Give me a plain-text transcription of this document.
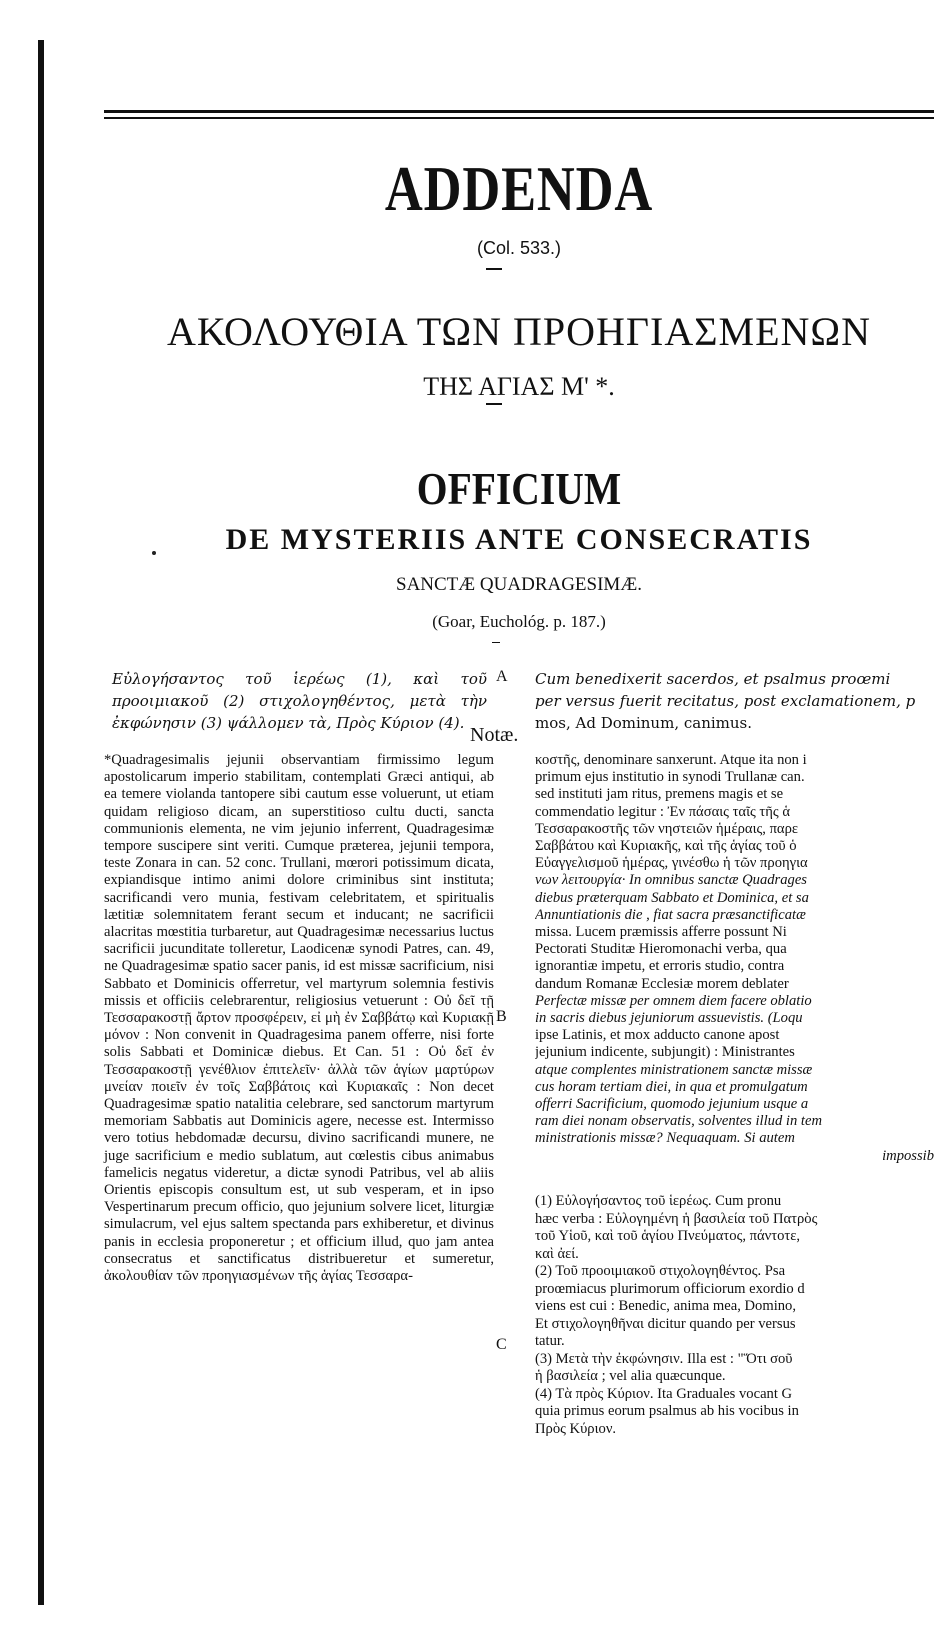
ADDENDA
(Col. 533.)
ΑΚΟΛΟΥΘΙΑ ΤΩΝ ΠΡΟΗΓΙΑΣΜΕΝΩΝ
ΤΗΣ ΑΓΙΑΣ Μ' *.
OFFICIUM
DE MYSTERIIS ANTE CONSECRATIS
SANCTÆ QUADRAGESIMÆ.
(Goar, Euchológ. p. 187.)
Εὐλογήσαντος τοῦ ἱερέως (1), καὶ τοῦ προοιμιακοῦ (2) στιχολογηθέντος, μετὰ τὴν ἐκφώνησιν (3) ψάλλομεν τὰ, Πρὸς Κύριον (4).
A Cum benedixerit sacerdos, et psalmus proœmi
per versus fuerit recitatus, post exclamationem, p
mos, Ad Dominum, canimus.
Notæ.
*Quadragesimalis jejunii observantiam firmissimo legum apostolicarum imperio stabilitam, contemplati Græci antiqui, ab ea temere violanda tantopere sibi cautum esse voluerunt, ut etiam quidam religioso dicam, an superstitioso cultu ducti, sancta communionis elementa, ne vim jejunio inferrent, Quadragesimæ tempore suscipere sint veriti. Cumque præterea, jejunii tempora, teste Zonara in can. 52 conc. Trullani, mœrori potissimum dicata, expiandisque intimo animi dolore criminibus sint instituta; sacrificandi vero munia, festivam celebritatem, et spiritualis lætitiæ solemnitatem ferant secum et inducant; ne sacrificii alacritas mœstitia turbaretur, aut Quadragesimæ necessarius luctus sacrificii jucunditate tolleretur, Laodicenæ synodi Patres, can. 49, ne Quadragesimæ spatio sacer panis, id est missæ sacrificium, nisi Sabbato et Dominicis offerretur, vel martyrum solemnia festivis missis et officiis celebrarentur, religiosius vetuerunt : Οὐ δεῖ τῇ Τεσσαρακοστῇ ἄρτον προσφέρειν, εἰ μὴ ἐν Σαββάτῳ καὶ Κυριακῇ μόνον : Non convenit in Quadragesima panem offerre, nisi forte solis Sabbati et Dominicæ diebus. Et Can. 51 : Οὐ δεῖ ἐν Τεσσαρακοστῇ γενέθλιον ἐπιτελεῖν· ἀλλὰ τῶν ἁγίων μαρτύρων μνείαν ποιεῖν ἐν τοῖς Σαββάτοις καὶ Κυριακαῖς : Non decet Quadragesimæ spatio natalitia celebrare, sed sanctorum martyrum memoriam Sabbatis aut Dominicis agere, necesse est. Intermisso vero totius hebdomadæ decursu, divino sacrificandi munere, ne juge sacrificium e medio sublatum, aut cœlestis cibus animabus famelicis negatus videretur, a dictæ synodi Patribus, vel ab aliis Orientis episcopis consultum est, ut sub vesperam, et in ipso Vespertinarum precum officio, quo jejunium solvere licet, liturgiæ simulacrum, vel ejus saltem spectanda pars exhiberetur, et divinus panis in ecclesia proponeretur ; et officium illud, quo jam antea consecratus et sanctificatus distribueretur et sumeretur, ἀκολουθίαν τῶν προηγιασμένων τῆς ἁγίας Τεσσαρα-
B
C
κοστῆς, denominare sanxerunt. Atque ita non i
primum ejus institutio in synodi Trullanæ can.
sed instituti jam ritus, premens magis et se
commendatio legitur : Ἐν πάσαις ταῖς τῆς ἁ
Τεσσαρακοστῆς τῶν νηστειῶν ἡμέραις, παρε
Σαββάτου καὶ Κυριακῆς, καὶ τῆς ἁγίας τοῦ ὁ
Εὐαγγελισμοῦ ἡμέρας, γινέσθω ἡ τῶν προηγια
νων λειτουργία· In omnibus sanctæ Quadrages
diebus præterquam Sabbato et Dominica, et sa
Annuntiationis die , fiat sacra præsanctificatæ
missa. Lucem præmissis afferre possunt Ni
Pectorati Studitæ Hieromonachi verba, qua
ignorantiæ impetu, et erroris studio, contra
dandum Romanæ Ecclesiæ morem deblater
Perfectæ missæ per omnem diem facere oblatio
in sacris diebus jejuniorum assuevistis. (Loqu
ipse Latinis, et mox adducto canone apost
jejunium indicente, subjungit) : Ministrantes
atque complentes ministrationem sanctæ missæ
cus horam tertiam diei, in qua et promulgatum
offerri Sacrificium, quomodo jejunium usque a
ram diei nonam observatis, solventes illud in tem
ministrationis missæ? Nequaquam. Si autem
impossib
(1) Εὐλογήσαντος τοῦ ἱερέως. Cum pronu
hæc verba : Εὐλογημένη ἡ βασιλεία τοῦ Πατρὸς
τοῦ Υἱοῦ, καὶ τοῦ ἁγίου Πνεύματος, πάντοτε,
καὶ ἀεί.
(2) Τοῦ προοιμιακοῦ στιχολογηθέντος. Psa
proœmiacus plurimorum officiorum exordio d
viens est cui : Benedic, anima mea, Domino,
Et στιχολογηθῆναι dicitur quando per versus
tatur.
(3) Μετὰ τὴν ἐκφώνησιν. Illa est : "Ὅτι σοῦ
ἡ βασιλεία ; vel alia quæcunque.
(4) Τὰ πρὸς Κύριον. Ita Graduales vocant G
quia primus eorum psalmus ab his vocibus in
Πρὸς Κύριον.
